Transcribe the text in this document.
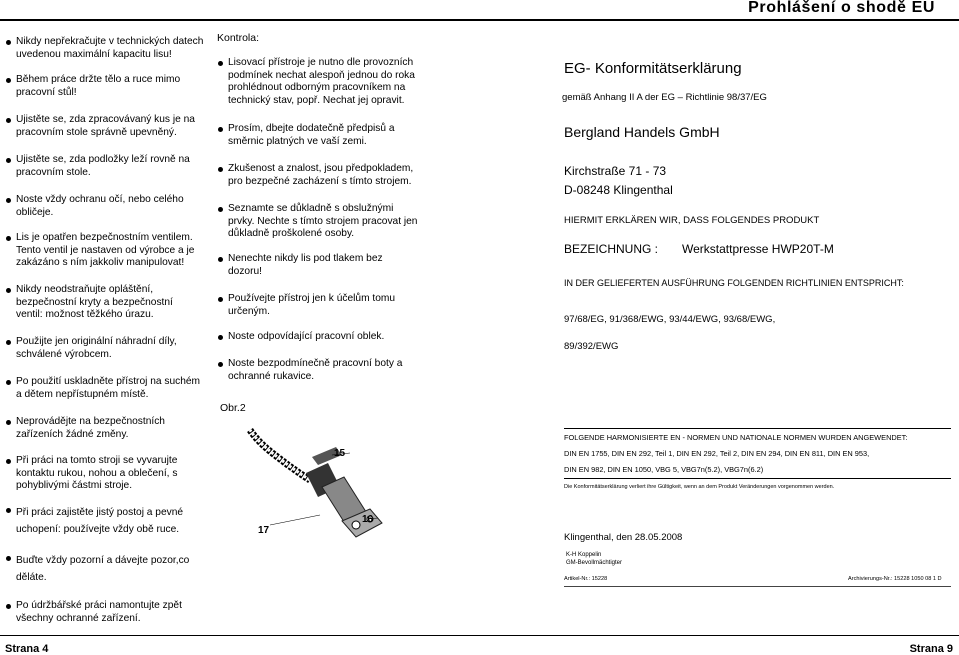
Prohlášení o shodě EU
Nikdy nepřekračujte v technických datech uvedenou maximální kapacitu lisu!
Během práce držte tělo a ruce mimo pracovní stůl!
Ujistěte se, zda zpracovávaný kus je na pracovním stole správně upevněný.
Ujistěte se, zda podložky leží rovně na pracovním stole.
Noste vždy ochranu očí, nebo celého obličeje.
Lis je opatřen bezpečnostním ventilem. Tento ventil je nastaven od výrobce a je zakázáno s ním jakkoliv manipulovat!
Nikdy neodstraňujte opláštění, bezpečnostní kryty a bezpečnostní ventil: možnost těžkého úrazu.
Použijte jen originální náhradní díly, schválené výrobcem.
Po použití uskladněte přístroj na suchém a dětem nepřístupném místě.
Neprovádějte na bezpečnostních zařízeních žádné změny.
Při práci na tomto stroji se vyvarujte kontaktu rukou, nohou a oblečení, s pohyblivými částmi stroje.
Při práci zajistěte jistý postoj a pevné uchopení: používejte vždy obě ruce.
Buďte vždy pozorní a dávejte pozor,co děláte.
Po údržbářské práci namontujte zpět všechny ochranné zařízení.
Kontrola:
Lisovací přístroje je nutno dle provozních podmínek nechat alespoň jednou do roka prohlédnout odborným pracovníkem na technický stav, popř. Nechat jej opravit.
Prosím, dbejte dodatečně předpisů a směrnic platných ve vaší zemi.
Zkušenost a znalost, jsou předpokladem, pro bezpečné zacházení s tímto strojem.
Seznamte se důkladně s obslužnými prvky. Nechte s tímto strojem pracovat jen důkladně proškolené osoby.
Nenechte nikdy lis pod tlakem bez dozoru!
Používejte přístroj jen k účelům tomu určeným.
Noste odpovídající pracovní oblek.
Noste bezpodmínečně pracovní boty a ochranné rukavice.
Obr.2
15
16
17
EG- Konformitätserklärung
gemäß Anhang II A der EG – Richtlinie 98/37/EG
Bergland Handels GmbH
Kirchstraße 71 - 73
D-08248 Klingenthal
HIERMIT ERKLÄREN WIR, DASS FOLGENDES PRODUKT
BEZEICHNUNG : Werkstattpresse HWP20T-M
IN DER GELIEFERTEN AUSFÜHRUNG FOLGENDEN RICHTLINIEN ENTSPRICHT:
97/68/EG, 91/368/EWG, 93/44/EWG, 93/68/EWG,
89/392/EWG
FOLGENDE HARMONISIERTE EN - NORMEN UND NATIONALE NORMEN WURDEN ANGEWENDET:
DIN EN 1755, DIN EN 292, Teil 1, DIN EN 292, Teil 2, DIN EN 294, DIN EN 811, DIN EN 953,
DIN EN 982, DIN EN 1050, VBG 5, VBG7n(5.2), VBG7n(6.2)
Die Konformitätserklärung verliert ihre Gültigkeit, wenn an dem Produkt Veränderungen vorgenommen werden.
Klingenthal, den 28.05.2008
K-H Koppelin
GM-Bevollmächtigter
Artikel-Nr.: 15228	Archivierungs-Nr.: 15228 1050 08 1 D
Strana 4	Strana 9
